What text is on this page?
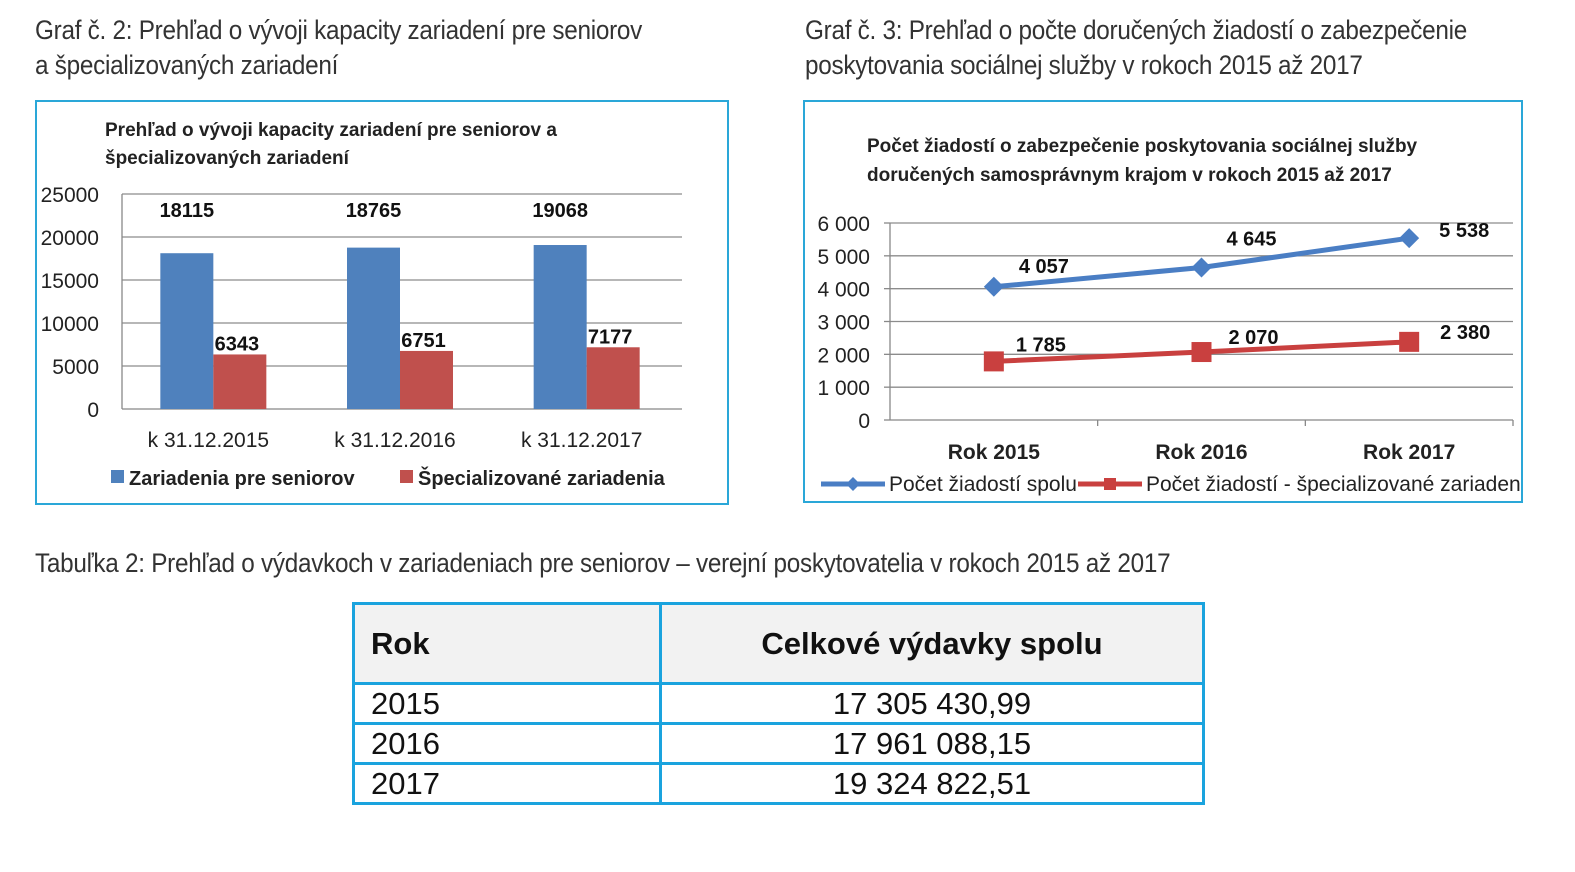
Graf č. 2: Prehľad o vývoji kapacity zariadení pre seniorov
a špecializovaných zariadení
Graf č. 3: Prehľad o počte doručených žiadostí o zabezpečenie
poskytovania sociálnej služby v rokoch 2015 až 2017
Prehľad o vývoji kapacity zariadení pre seniorov a
špecializovaných zariadení
0
5000
10000
15000
20000
25000
18115
6343
k 31.12.2015
18765
6751
k 31.12.2016
19068
7177
k 31.12.2017
Zariadenia pre seniorov	Špecializované zariadenia
Počet žiadostí o zabezpečenie poskytovania sociálnej služby
doručených samosprávnym krajom v rokoch 2015 až 2017
0
1 000
2 000
3 000
4 000
5 000
6 000
Rok 2015	Rok 2016	Rok 2017
4 057
4 645	5 538
1 785	2 070	2 380
Počet žiadostí spolu	Počet žiadostí - špecializované zariadenia
Tabuľka 2: Prehľad o výdavkoch v zariadeniach pre seniorov – verejní poskytovatelia v rokoch 2015 až 2017
Rok	Celkové výdavky spolu
2015	17 305 430,99
2016	17 961 088,15
2017	19 324 822,51
